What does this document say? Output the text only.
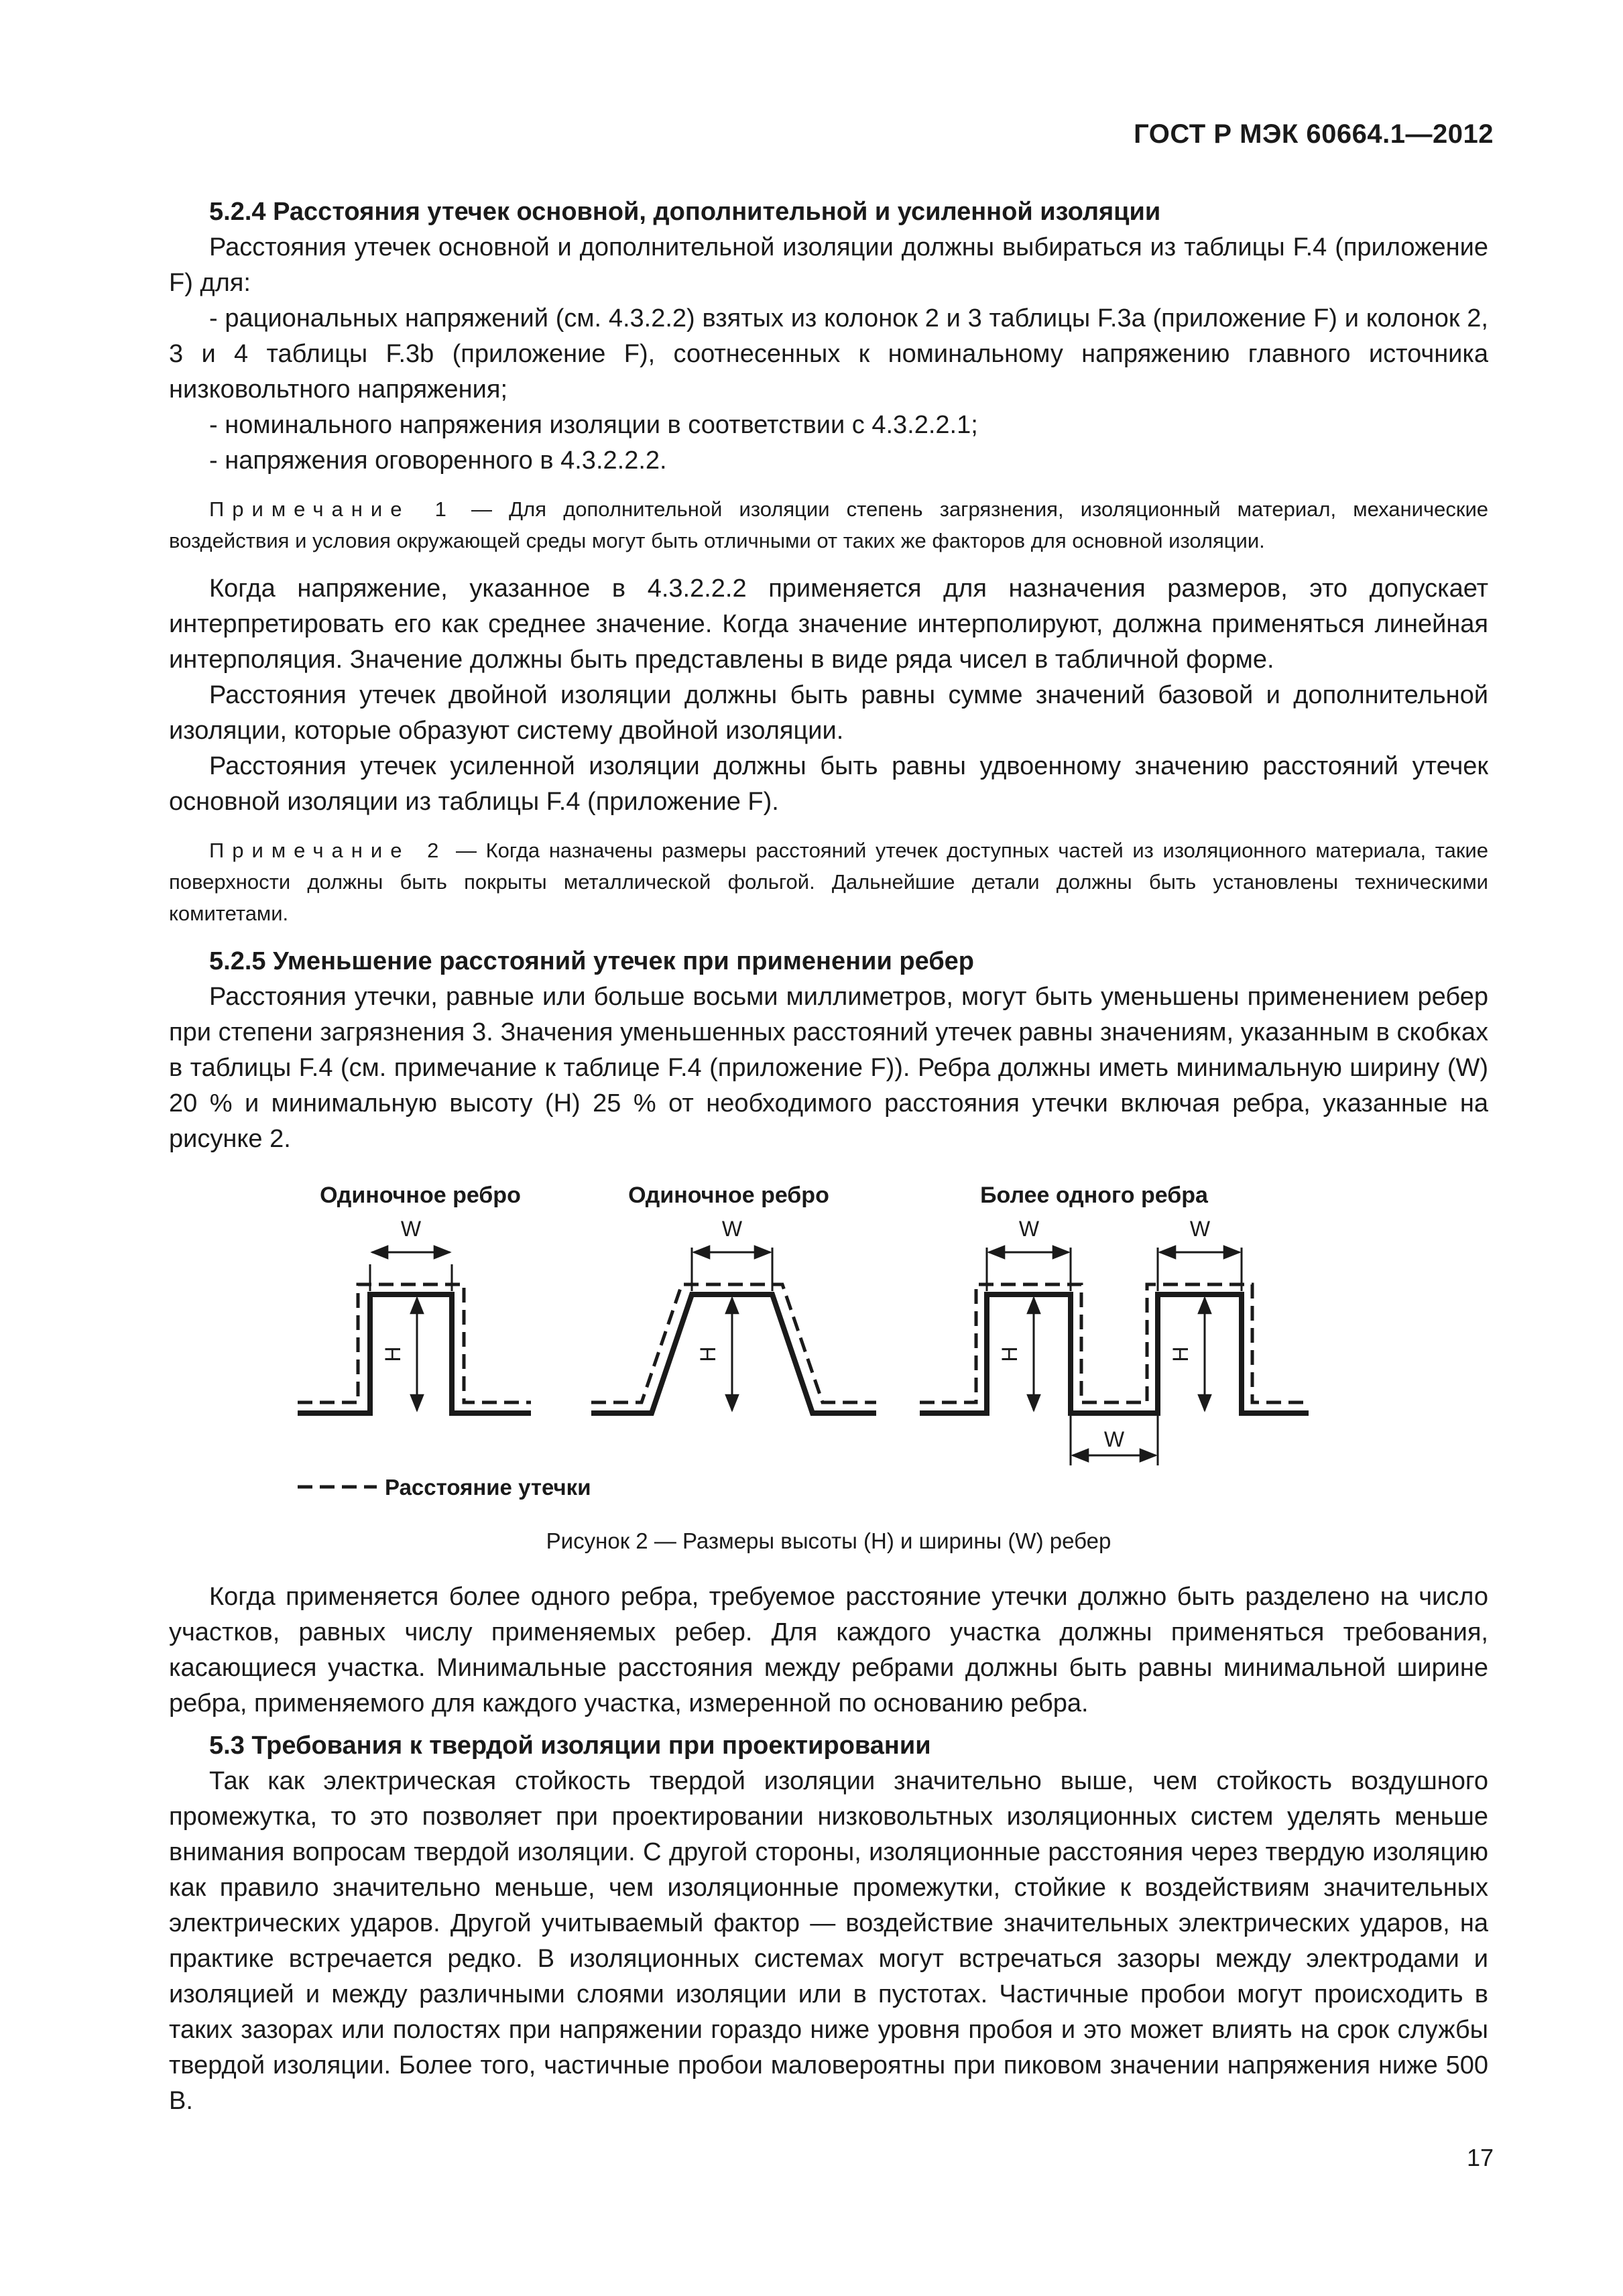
ГОСТ Р МЭК 60664.1—2012

5.2.4 Расстояния утечек основной, дополнительной и усиленной изоляции

Расстояния утечек основной и дополнительной изоляции должны выбираться из таблицы F.4 (приложение F) для:

- рациональных напряжений (см. 4.3.2.2) взятых из колонок 2 и 3 таблицы F.3a (приложение F) и колонок 2, 3 и 4 таблицы F.3b (приложение F), соотнесенных к номинальному напряжению главного источника низковольтного напряжения;

- номинального напряжения изоляции в соответствии с 4.3.2.2.1;

- напряжения оговоренного в 4.3.2.2.2.

Примечание 1 — Для дополнительной изоляции степень загрязнения, изоляционный материал, механические воздействия и условия окружающей среды могут быть отличными от таких же факторов для основной изоляции.

Когда напряжение, указанное в 4.3.2.2.2 применяется для назначения размеров, это допускает интерпретировать его как среднее значение. Когда значение интерполируют, должна применяться линейная интерполяция. Значение должны быть представлены в виде ряда чисел в табличной форме.

Расстояния утечек двойной изоляции должны быть равны сумме значений базовой и дополнительной изоляции, которые образуют систему двойной изоляции.

Расстояния утечек усиленной изоляции должны быть равны удвоенному значению расстояний утечек основной изоляции из таблицы F.4 (приложение F).

Примечание 2 — Когда назначены размеры расстояний утечек доступных частей из изоляционного материала, такие поверхности должны быть покрыты металлической фольгой. Дальнейшие детали должны быть установлены техническими комитетами.

5.2.5 Уменьшение расстояний утечек при применении ребер

Расстояния утечки, равные или больше восьми миллиметров, могут быть уменьшены применением ребер при степени загрязнения 3. Значения уменьшенных расстояний утечек равны значениям, указанным в скобках в таблицы F.4 (см. примечание к таблице F.4 (приложение F)). Ребра должны иметь минимальную ширину (W) 20 % и минимальную высоту (H) 25 % от необходимого расстояния утечки включая ребра, указанные на рисунке 2.

Одиночное ребро	Одиночное ребро	Более одного ребра
W
H
W
H
W	W
W
H	H
Расстояние утечки

Рисунок 2 — Размеры высоты (H) и ширины (W) ребер

Когда применяется более одного ребра, требуемое расстояние утечки должно быть разделено на число участков, равных числу применяемых ребер. Для каждого участка должны применяться требования, касающиеся участка. Минимальные расстояния между ребрами должны быть равны минимальной ширине ребра, применяемого для каждого участка, измеренной по основанию ребра.

5.3 Требования к твердой изоляции при проектировании

Так как электрическая стойкость твердой изоляции значительно выше, чем стойкость воздушного промежутка, то это позволяет при проектировании низковольтных изоляционных систем уделять меньше внимания вопросам твердой изоляции. С другой стороны, изоляционные расстояния через твердую изоляцию как правило значительно меньше, чем изоляционные промежутки, стойкие к воздействиям значительных электрических ударов. Другой учитываемый фактор — воздействие значительных электрических ударов, на практике встречается редко. В изоляционных системах могут встречаться зазоры между электродами и изоляцией и между различными слоями изоляции или в пустотах. Частичные пробои могут происходить в таких зазорах или полостях при напряжении гораздо ниже уровня пробоя и это может влиять на срок службы твердой изоляции. Более того, частичные пробои маловероятны при пиковом значении напряжения ниже 500 В.

17
